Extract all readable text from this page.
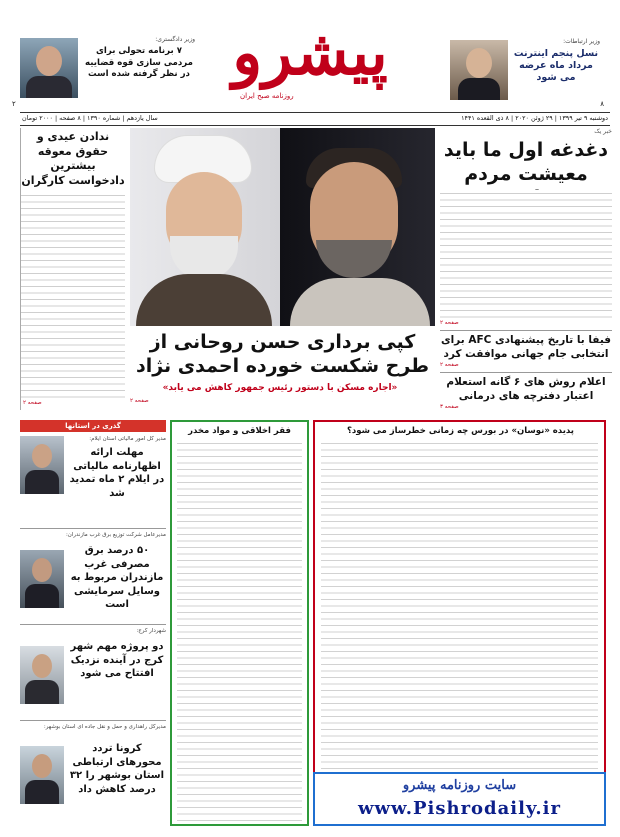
وزیر ارتباطات:
نسل پنجم اینترنت مرداد ماه عرضه می شود
۸
پیشرو
روزنامه صبح ایران
وزیر دادگستری:
۷ برنامه تحولی برای مردمی سازی قوه قضاییه در نظر گرفته شده است
۲
دوشنبه ۹ تیر ۱۳۹۹ | ۲۹ ژوئن ۲۰۲۰ | ۸ ذی القعده ۱۴۴۱
سال یازدهم | شماره ۱۳۹۰ | ۸ صفحه | ۲۰۰۰ تومان
خبر یک
دغدغه اول ما باید معیشت مردم
صفحه ۲
فیفا با تاریخ پیشنهادی AFC برای انتخابی جام جهانی موافقت کرد
صفحه ۲
اعلام روش های ۶ گانه استعلام اعتبار دفترچه های درمانی
صفحه ۳
کپی برداری حسن روحانی از طرح شکست خورده احمدی نژاد
«اجاره مسکن با دستور رئیس جمهور کاهش می یابد»
صفحه ۲
ندادن عیدی و حقوق معوقه بیشترین دادخواست کارگران
صفحه ۲
پدیده «نوسان» در بورس چه زمانی خطرساز می شود؟
فقر اخلاقی و مواد مخدر
گذری در استانها
مدیر کل امور مالیاتی استان ایلام:
مهلت ارائه اظهارنامه مالیاتی در ایلام ۲ ماه تمدید شد
مدیرعامل شرکت توزیع برق غرب مازندران:
۵۰ درصد برق مصرفی غرب مازندران مربوط به وسایل سرمایشی است
شهردار کرج:
دو پروژه مهم شهر کرج در آینده نزدیک افتتاح می شود
مدیرکل راهداری و حمل و نقل جاده ای استان بوشهر:
کرونا تردد محورهای ارتباطی استان بوشهر را ۳۲ درصد کاهش داد	سایت روزنامه پیشرو
www.Pishrodaily.ir
